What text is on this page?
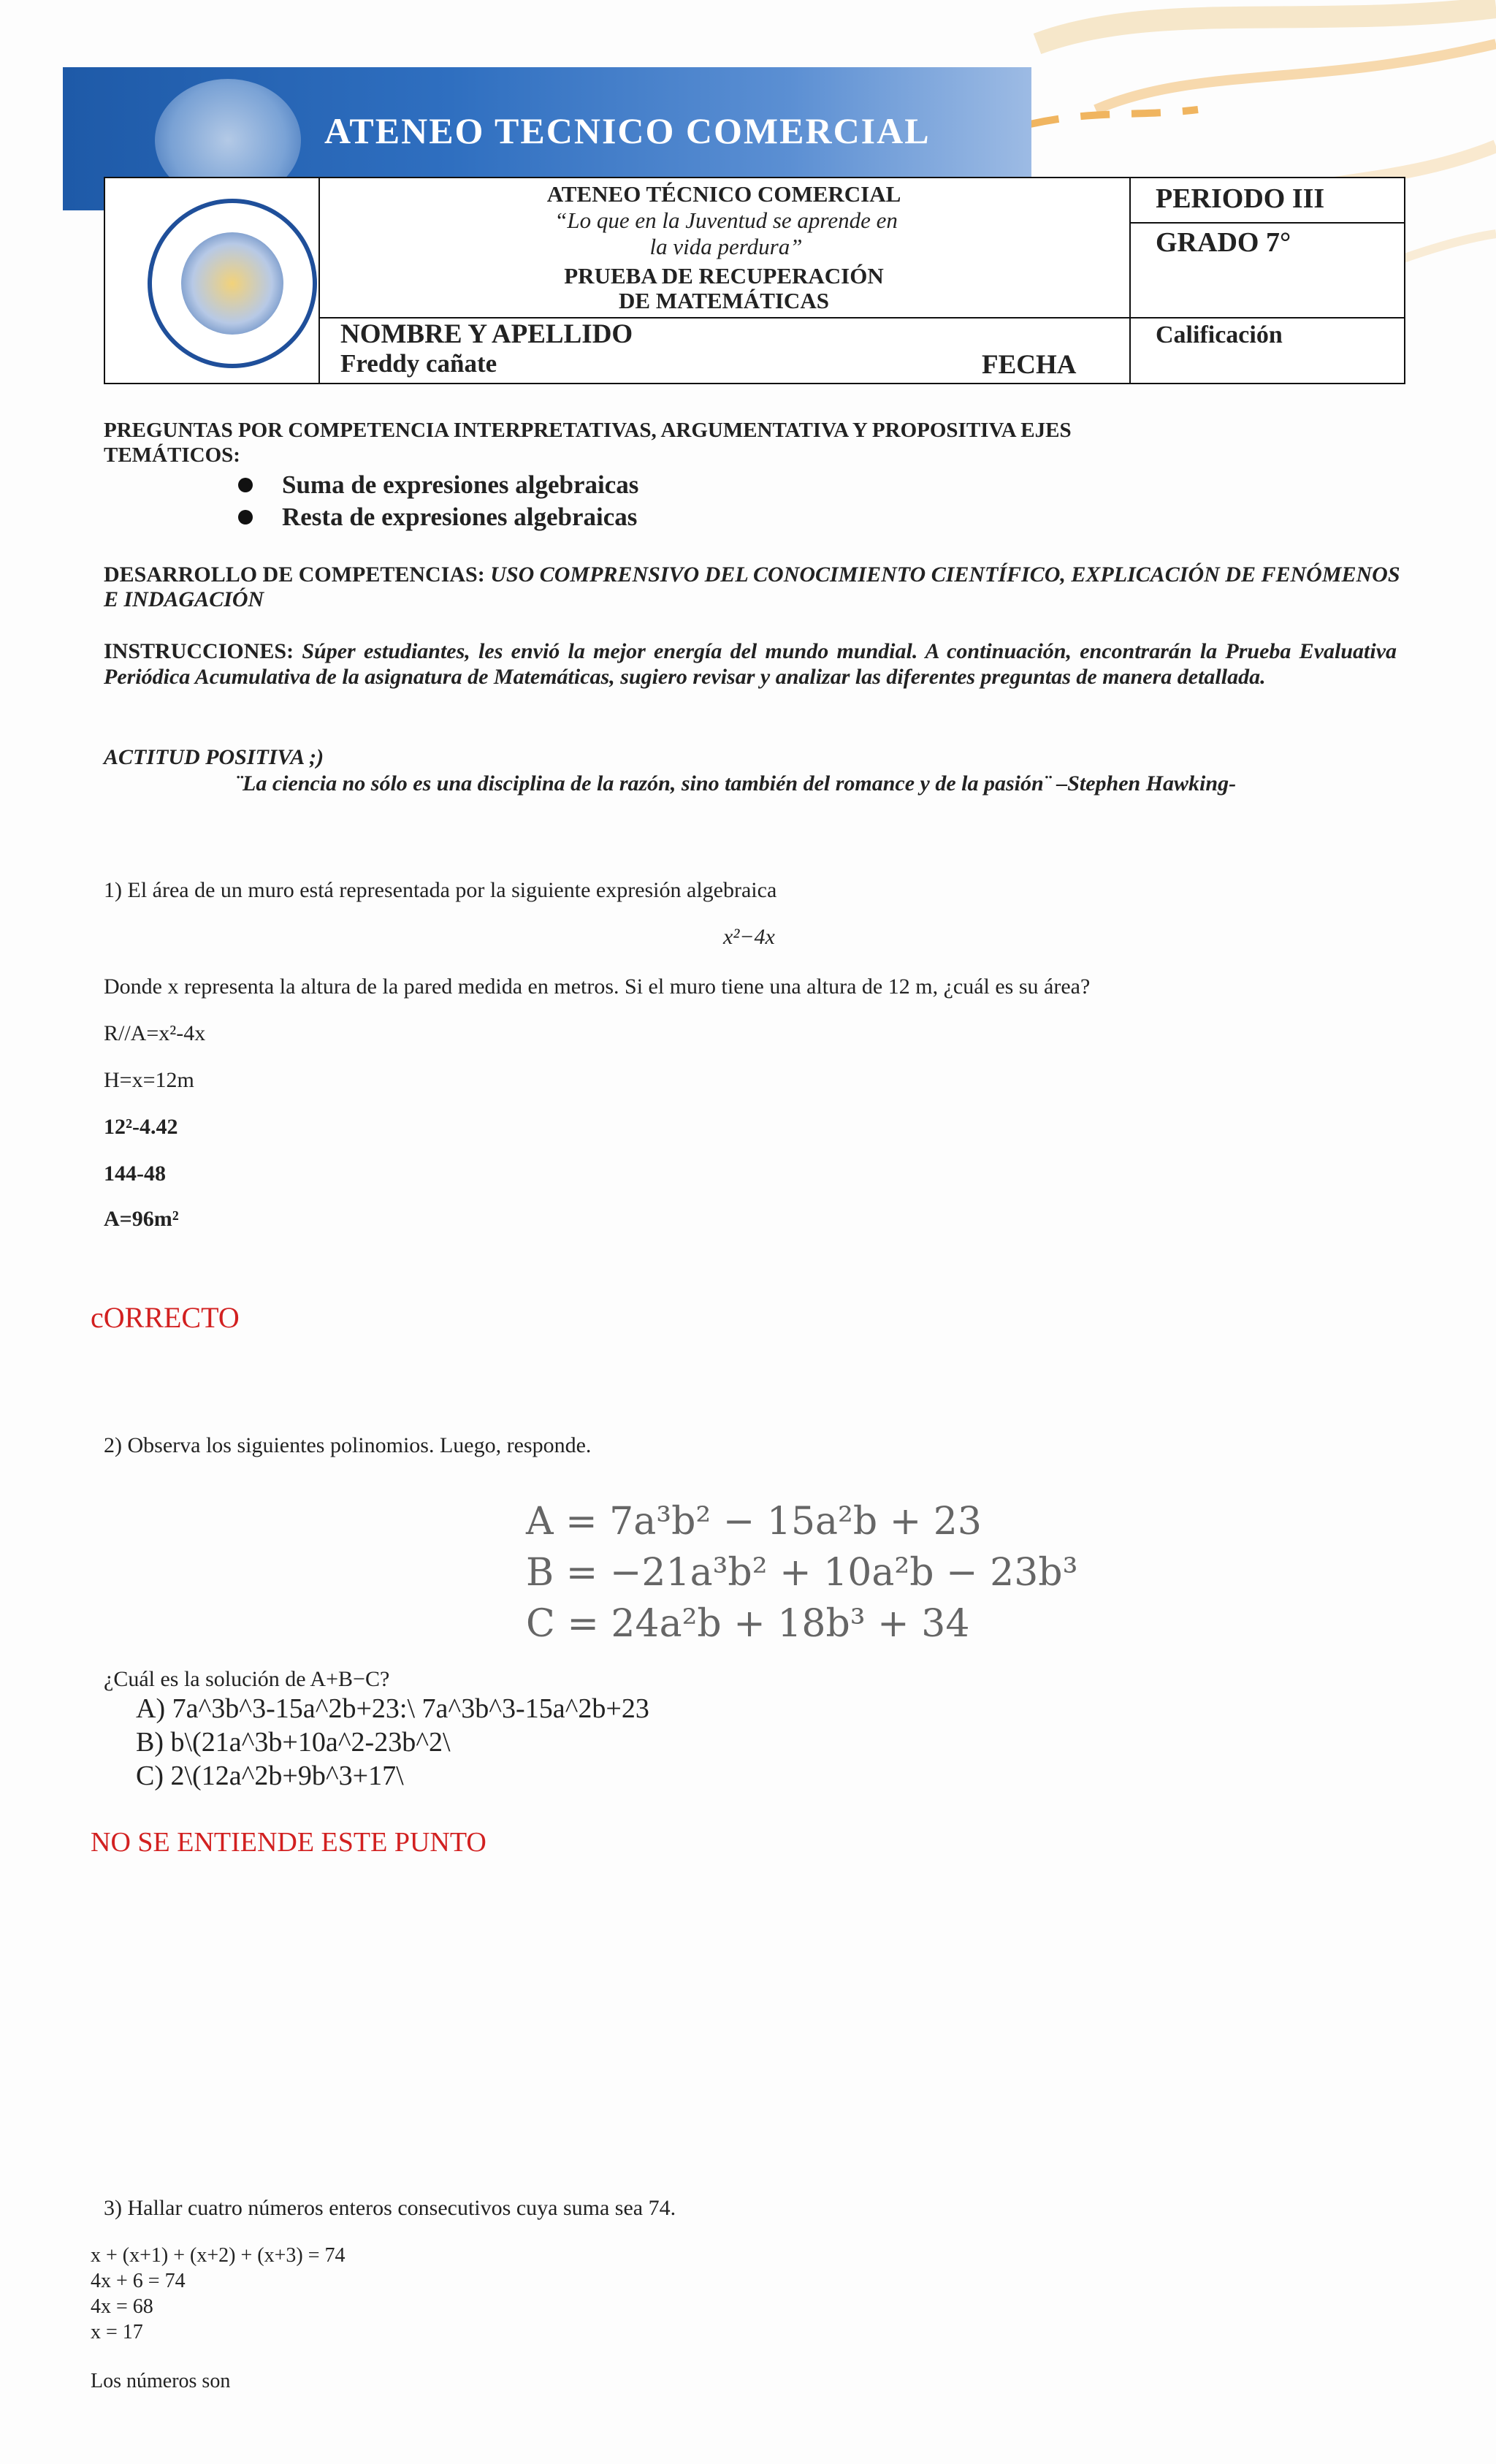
ATENEO TECNICO COMERCIAL
ATENEO TÉCNICO COMERCIAL
“Lo que en la Juventud se aprende en la vida perdura”
PRUEBA DE RECUPERACIÓN
DE MATEMÁTICAS
NOMBRE Y APELLIDO
Freddy cañate	FECHA
PERIODO III
GRADO 7°
Calificación
PREGUNTAS POR COMPETENCIA INTERPRETATIVAS, ARGUMENTATIVA Y PROPOSITIVA EJES TEMÁTICOS:
Suma de expresiones algebraicas
Resta de expresiones algebraicas
DESARROLLO DE COMPETENCIAS: USO COMPRENSIVO DEL CONOCIMIENTO CIENTÍFICO, EXPLICACIÓN DE FENÓMENOS E INDAGACIÓN
INSTRUCCIONES: Súper estudiantes, les envió la mejor energía del mundo mundial. A continuación, encontrarán la Prueba Evaluativa Periódica Acumulativa de la asignatura de Matemáticas, sugiero revisar y analizar las diferentes preguntas de manera detallada.
ACTITUD POSITIVA ;)
¨La ciencia no sólo es una disciplina de la razón, sino también del romance y de la pasión¨ –Stephen Hawking-
1) El área de un muro está representada por la siguiente expresión algebraica
x²−4x
Donde x representa la altura de la pared medida en metros. Si el muro tiene una altura de 12 m, ¿cuál es su área?
R//A=x²-4x
H=x=12m
12²-4.42
144-48
A=96m²
cORRECTO
2) Observa los siguientes polinomios. Luego, responde.
A = 7a³b² − 15a²b + 23
B = −21a³b² + 10a²b − 23b³
C = 24a²b + 18b³ + 34
¿Cuál es la solución de A+B−C?
A) 7a^3b^3-15a^2b+23:\ 7a^3b^3-15a^2b+23
B) b\(21a^3b+10a^2-23b^2\
C) 2\(12a^2b+9b^3+17\
NO SE ENTIENDE ESTE PUNTO
3) Hallar cuatro números enteros consecutivos cuya suma sea 74.
x + (x+1) + (x+2) + (x+3) = 74
4x + 6 = 74
4x = 68
x = 17
Los números son
